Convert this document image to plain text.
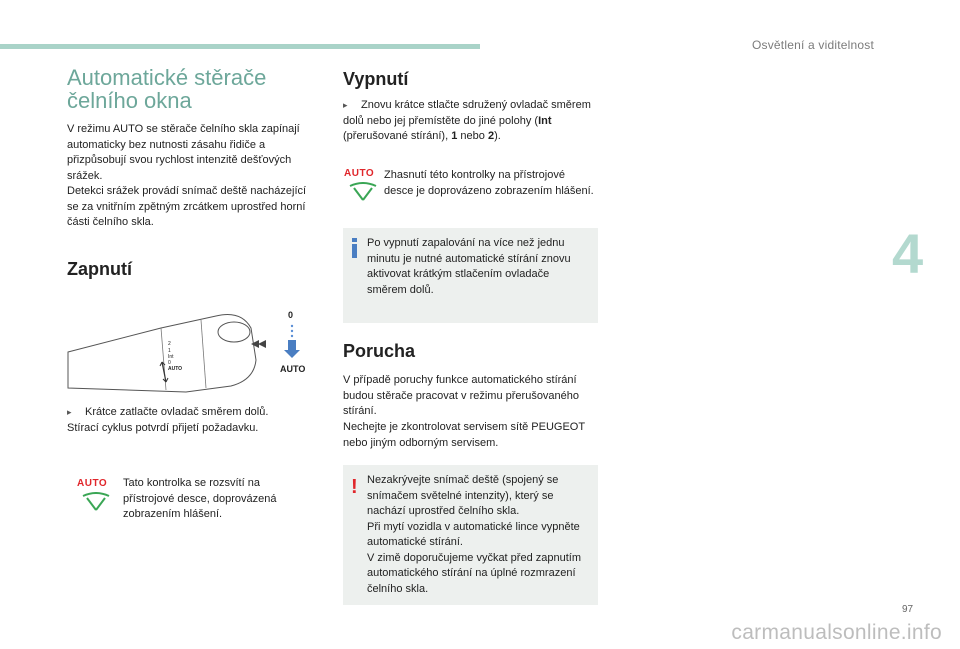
Osvětlení a viditelnost
4
97
carmanualsonline.info
Automatické stěrače čelního okna

V režimu AUTO se stěrače čelního skla zapínají automaticky bez nutnosti zásahu řidiče a přizpůsobují svou rychlost intenzitě dešťových srážek.

Detekci srážek provádí snímač deště nacházející se za vnitřním zpětným zrcátkem uprostřed horní části čelního skla.

Zapnutí
2
1
Int
0
AUTO
0
AUTO

▸ Krátce zatlačte ovladač směrem dolů.
Stírací cyklus potvrdí přijetí požadavku.

AUTO Tato kontrolka se rozsvítí na přístrojové desce, doprovázená zobrazením hlášení.

Vypnutí

▸ Znovu krátce stlačte sdružený ovladač směrem dolů nebo jej přemístěte do jiné polohy (Int (přerušované stírání), 1 nebo 2).

AUTO Zhasnutí této kontrolky na přístrojové desce je doprovázeno zobrazením hlášení.

Po vypnutí zapalování na více než jednu minutu je nutné automatické stírání znovu aktivovat krátkým stlačením ovladače směrem dolů.

Porucha

V případě poruchy funkce automatického stírání budou stěrače pracovat v režimu přerušovaného stírání.

Nechejte je zkontrolovat servisem sítě PEUGEOT nebo jiným odborným servisem.

! Nezakrývejte snímač deště (spojený se snímačem světelné intenzity), který se nachází uprostřed čelního skla.
Při mytí vozidla v automatické lince vypněte automatické stírání.
V zimě doporučujeme vyčkat před zapnutím automatického stírání na úplné rozmrazení čelního skla.
